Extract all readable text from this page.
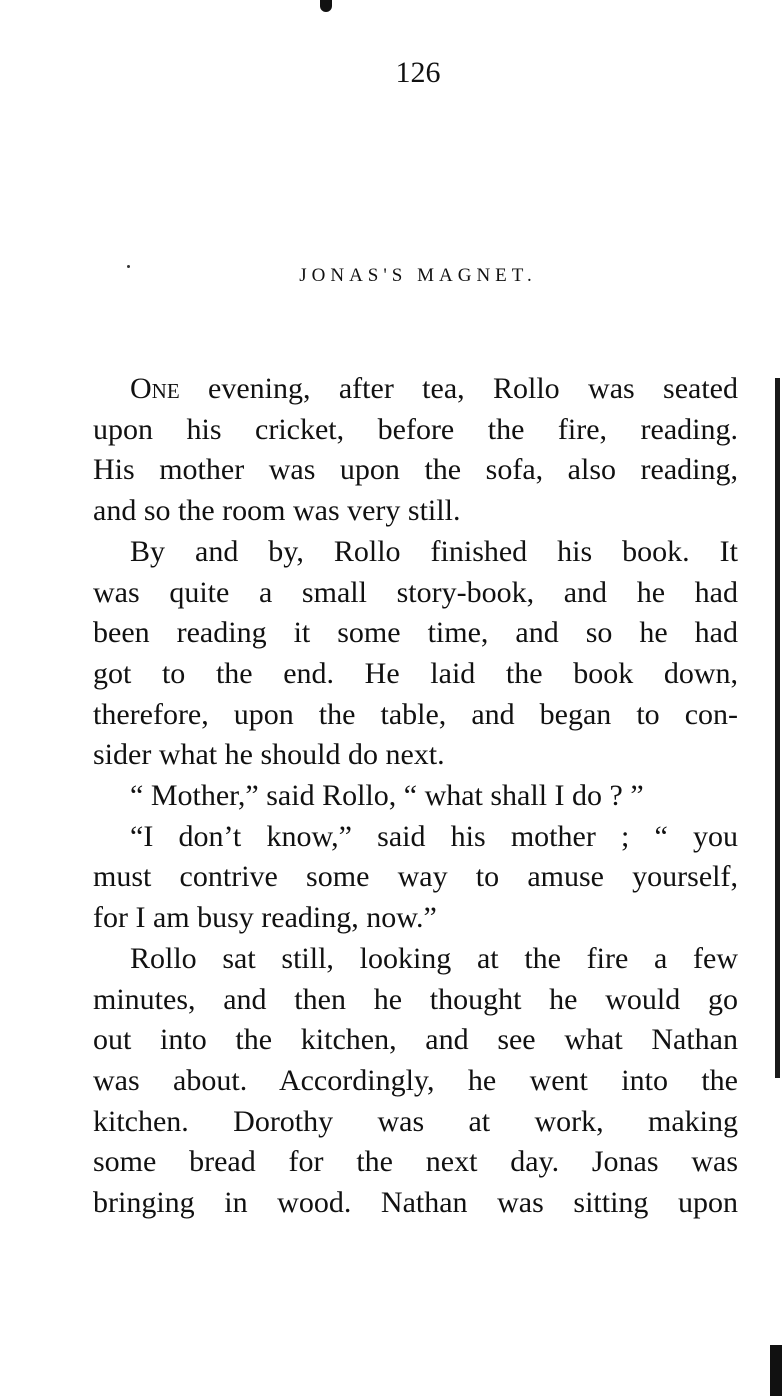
126
JONAS'S MAGNET.
One evening, after tea, Rollo was seated
upon his cricket, before the fire, reading.
His mother was upon the sofa, also reading,
and so the room was very still.
By and by, Rollo finished his book. It
was quite a small story-book, and he had
been reading it some time, and so he had
got to the end. He laid the book down,
therefore, upon the table, and began to con-
sider what he should do next.
“ Mother,” said Rollo, “ what shall I do ? ”
“I don’t know,” said his mother ; “ you
must contrive some way to amuse yourself,
for I am busy reading, now.”
Rollo sat still, looking at the fire a few
minutes, and then he thought he would go
out into the kitchen, and see what Nathan
was about. Accordingly, he went into the
kitchen. Dorothy was at work, making
some bread for the next day. Jonas was
bringing in wood. Nathan was sitting upon
